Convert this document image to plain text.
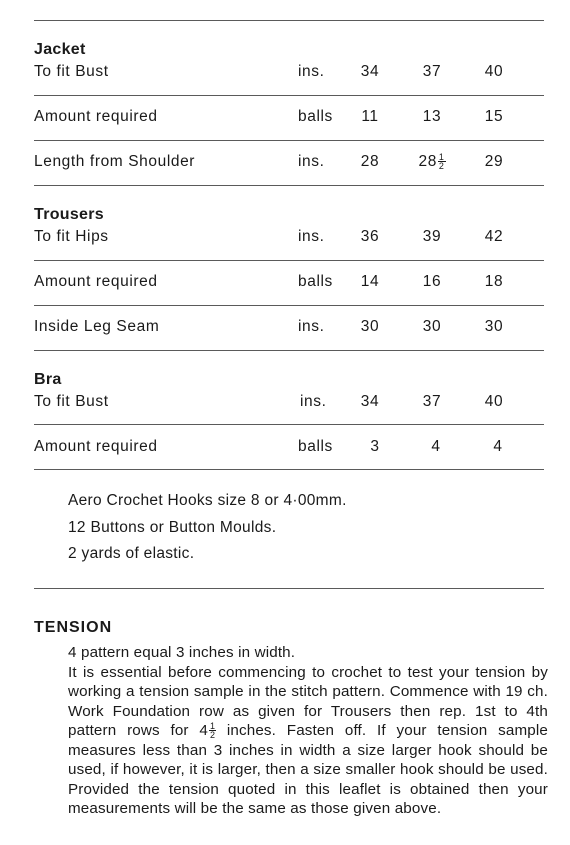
Jacket
To fit Bust	ins.	34	37	40
Amount required	balls	11	13	15
Length from Shoulder	ins.	28	$28 \frac{1}{2}$	29
Trousers
To fit Hips	ins.	36	39	42
Amount required	balls	14	16	18
Inside Leg Seam	ins.	30	30	30
Bra
To fit Bust	ins.	34	37	40
Amount required	balls	3	4	4
Aero Crochet Hooks size 8 or 4·00mm.
12 Buttons or Button Moulds.
2 yards of elastic.
TENSION

4 pattern equal 3 inches in width.

It is essential before commencing to crochet to test your tension by working a tension sample in the stitch pattern. Commence with 19 ch. Work Foundation row as given for Trousers then rep. 1st to 4th pattern rows for $4 \frac{1}{2}$ inches. Fasten off. If your tension sample measures less than 3 inches in width a size larger hook should be used, if however, it is larger, then a size smaller hook should be used. Provided the tension quoted in this leaflet is obtained then your measurements will be the same as those given above.
